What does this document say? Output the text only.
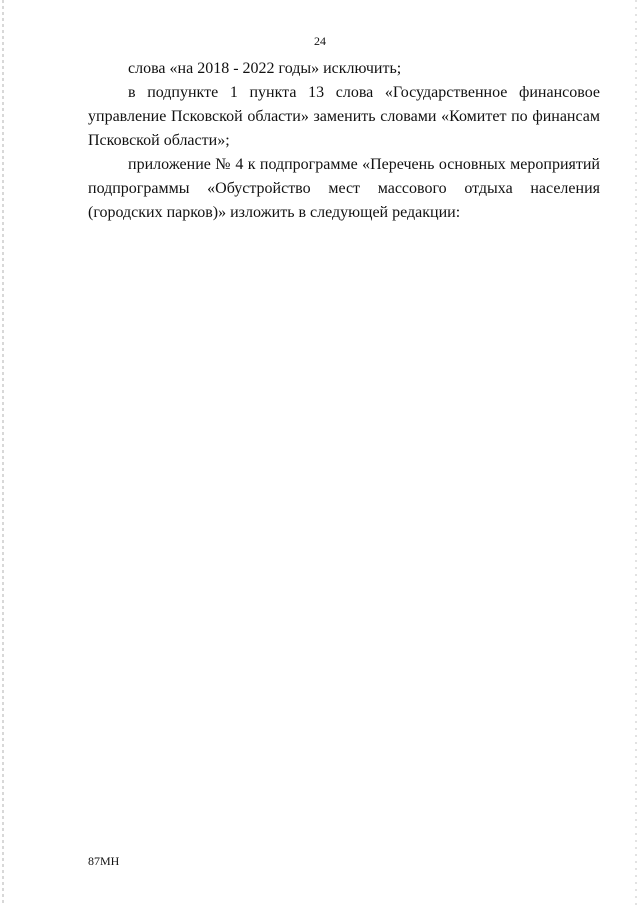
24

слова «на 2018 - 2022 годы» исключить;

в подпункте 1 пункта 13 слова «Государственное финансовое управление Псковской области» заменить словами «Комитет по финансам Псковской области»;

приложение № 4 к подпрограмме «Перечень основных мероприятий подпрограммы «Обустройство мест массового отдыха населения (городских парков)» изложить в следующей редакции:

87МН
